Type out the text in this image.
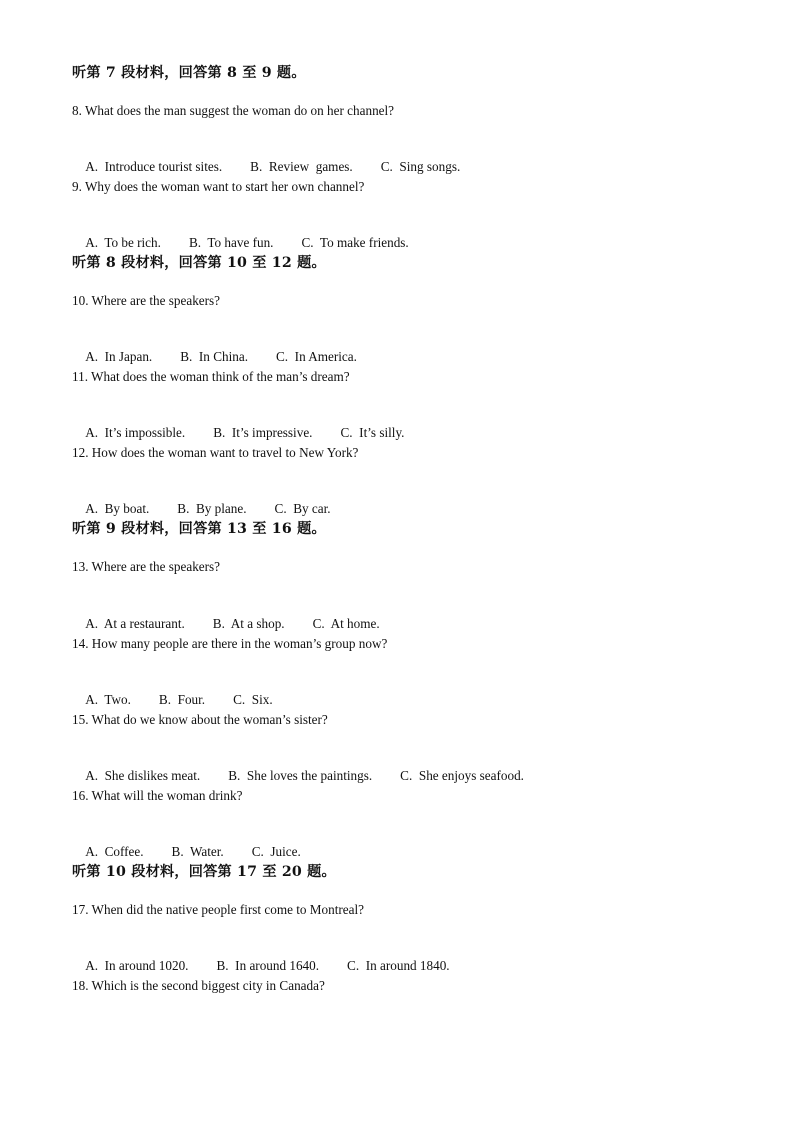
听第 7 段材料，回答第 8 至 9 题。
8. What does the man suggest the woman do on her channel?

A.  Introduce tourist sites. B.  Review  games. C.  Sing songs.

9. Why does the woman want to start her own channel?

A.  To be rich. B.  To have fun. C.  To make friends.

听第 8 段材料，回答第 10 至 12 题。
10. Where are the speakers?

A.  In Japan. B.  In China. C.  In America.

11. What does the woman think of the man’s dream?

A.  It’s impossible. B.  It’s impressive. C.  It’s silly.

12. How does the woman want to travel to New York?

A.  By boat. B.  By plane. C.  By car.

听第 9 段材料，回答第 13 至 16 题。
13. Where are the speakers?

A.  At a restaurant. B.  At a shop. C.  At home.

14. How many people are there in the woman’s group now?

A.  Two. B.  Four. C.  Six.

15. What do we know about the woman’s sister?

A.  She dislikes meat. B.  She loves the paintings. C.  She enjoys seafood.

16. What will the woman drink?

A.  Coffee. B.  Water. C.  Juice.

听第 10 段材料，回答第 17 至 20 题。
17. When did the native people first come to Montreal?

A.  In around 1020. B.  In around 1640. C.  In around 1840.

18. Which is the second biggest city in Canada?
